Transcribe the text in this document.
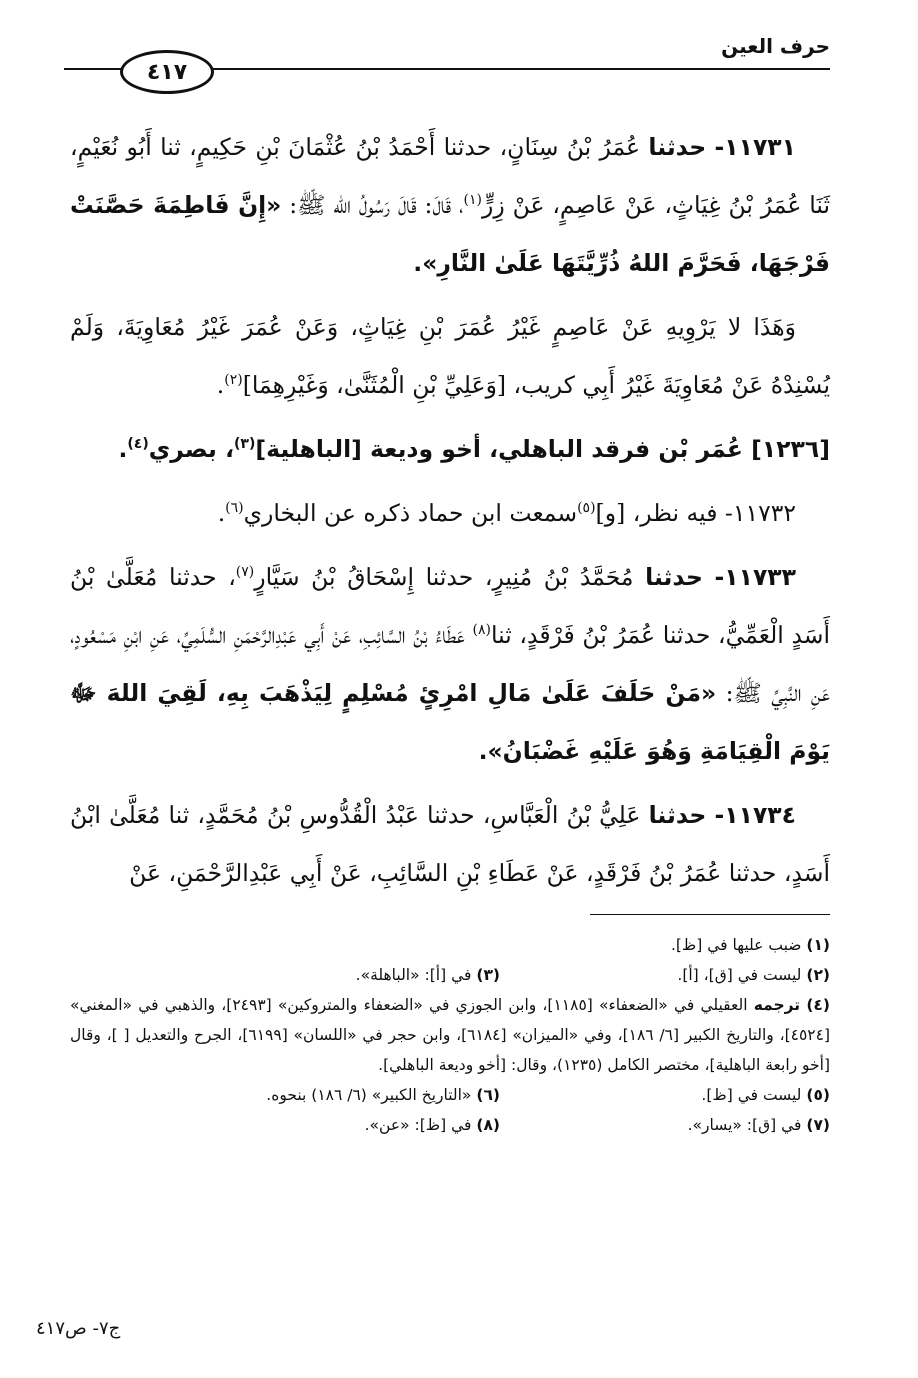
حرف العين
٤١٧

١١٧٣١- حدثنا عُمَرُ بْنُ سِنَانٍ، حدثنا أَحْمَدُ بْنُ عُثْمَانَ بْنِ حَكِيمٍ، ثنا أَبُو نُعَيْمٍ، ثَنَا عُمَرُ بْنُ غِيَاثٍ، عَنْ عَاصِمٍ، عَنْ زِرٍّ$^{(١)}$، قَالَ: قَالَ رَسُولُ الله ﷺ: «إِنَّ فَاطِمَةَ حَصَّنَتْ فَرْجَهَا، فَحَرَّمَ اللهُ ذُرِّيَّتَهَا عَلَىٰ النَّارِ».

وَهَذَا لا يَرْوِيهِ عَنْ عَاصِمٍ غَيْرُ عُمَرَ بْنِ غِيَاثٍ، وَعَنْ عُمَرَ غَيْرُ مُعَاوِيَةَ، وَلَمْ يُسْنِدْهُ عَنْ مُعَاوِيَةَ غَيْرُ أَبِي كريب، [وَعَلِيِّ بْنِ الْمُثَنَّىٰ، وَغَيْرِهِمَا]$^{(٢)}$.

[١٢٣٦] عُمَر بْن فرقد الباهلي، أخو وديعة [الباهلية]$^{(٣)}$، بصري$^{(٤)}$.

١١٧٣٢- فيه نظر، [و]$^{(٥)}$سمعت ابن حماد ذكره عن البخاري$^{(٦)}$.

١١٧٣٣- حدثنا مُحَمَّدُ بْنُ مُنِيرٍ، حدثنا إِسْحَاقُ بْنُ سَيَّارٍ$^{(٧)}$، حدثنا مُعَلَّىٰ بْنُ أَسَدٍ الْعَمِّيُّ، حدثنا عُمَرُ بْنُ فَرْقَدٍ، ثنا$^{(٨)}$ عَطَاءُ بْنُ السَّائِبِ، عَنْ أَبِي عَبْدِالرَّحْمَنِ السُّلَمِيِّ، عَنِ ابْنِ مَسْعُودٍ، عَنِ النَّبِيِّ ﷺ: «مَنْ حَلَفَ عَلَىٰ مَالِ امْرِئٍ مُسْلِمٍ لِيَذْهَبَ بِهِ، لَقِيَ اللهَ ﷻ يَوْمَ الْقِيَامَةِ وَهُوَ عَلَيْهِ غَضْبَانُ».

١١٧٣٤- حدثنا عَلِيُّ بْنُ الْعَبَّاسِ، حدثنا عَبْدُ الْقُدُّوسِ بْنُ مُحَمَّدٍ، ثنا مُعَلَّىٰ ابْنُ أَسَدٍ، حدثنا عُمَرُ بْنُ فَرْقَدٍ، عَنْ عَطَاءِ بْنِ السَّائِبِ، عَنْ أَبِي عَبْدِالرَّحْمَنِ، عَنْ

(١) ضبب عليها في [ظ].
(٢) ليست في [ق]، [أ].
(٣) في [أ]: «الباهلة».
(٤) ترجمه العقيلي في «الضعفاء» [١١٨٥]، وابن الجوزي في «الضعفاء والمتروكين» [٢٤٩٣]، والذهبي في «المغني» [٤٥٢٤]، والتاريخ الكبير [٦/ ١٨٦]، وفي «الميزان» [٦١٨٤]، وابن حجر في «اللسان» [٦١٩٩]، الجرح والتعديل [ ]، وقال [أخو رابعة الباهلية]، مختصر الكامل (١٢٣٥)، وقال: [أخو وديعة الباهلي].
(٥) ليست في [ظ].
(٦) «التاريخ الكبير» (٦/ ١٨٦) بنحوه.
(٧) في [ق]: «يسار».
(٨) في [ظ]: «عن».
ج٧- ص٤١٧
